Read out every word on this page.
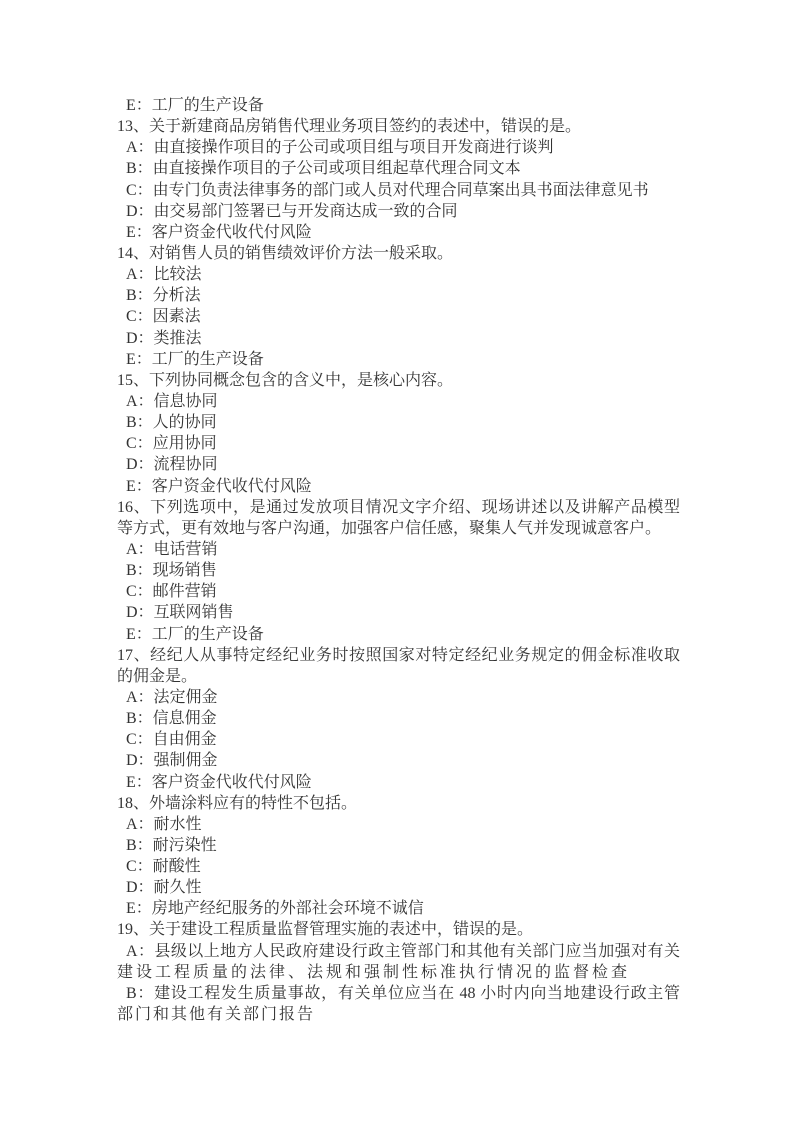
E：工厂的生产设备
13、关于新建商品房销售代理业务项目签约的表述中，错误的是。
A：由直接操作项目的子公司或项目组与项目开发商进行谈判
B：由直接操作项目的子公司或项目组起草代理合同文本
C：由专门负责法律事务的部门或人员对代理合同草案出具书面法律意见书
D：由交易部门签署已与开发商达成一致的合同
E：客户资金代收代付风险
14、对销售人员的销售绩效评价方法一般采取。
A：比较法
B：分析法
C：因素法
D：类推法
E：工厂的生产设备
15、下列协同概念包含的含义中，是核心内容。
A：信息协同
B：人的协同
C：应用协同
D：流程协同
E：客户资金代收代付风险
16、下列选项中，是通过发放项目情况文字介绍、现场讲述以及讲解产品模型
等方式，更有效地与客户沟通，加强客户信任感，聚集人气并发现诚意客户。
A：电话营销
B：现场销售
C：邮件营销
D：互联网销售
E：工厂的生产设备
17、经纪人从事特定经纪业务时按照国家对特定经纪业务规定的佣金标准收取
的佣金是。
A：法定佣金
B：信息佣金
C：自由佣金
D：强制佣金
E：客户资金代收代付风险
18、外墙涂料应有的特性不包括。
A：耐水性
B：耐污染性
C：耐酸性
D：耐久性
E：房地产经纪服务的外部社会环境不诚信
19、关于建设工程质量监督管理实施的表述中，错误的是。
A：县级以上地方人民政府建设行政主管部门和其他有关部门应当加强对有关
建设工程质量的法律、法规和强制性标准执行情况的监督检查
B：建设工程发生质量事故，有关单位应当在 48 小时内向当地建设行政主管
部门和其他有关部门报告
